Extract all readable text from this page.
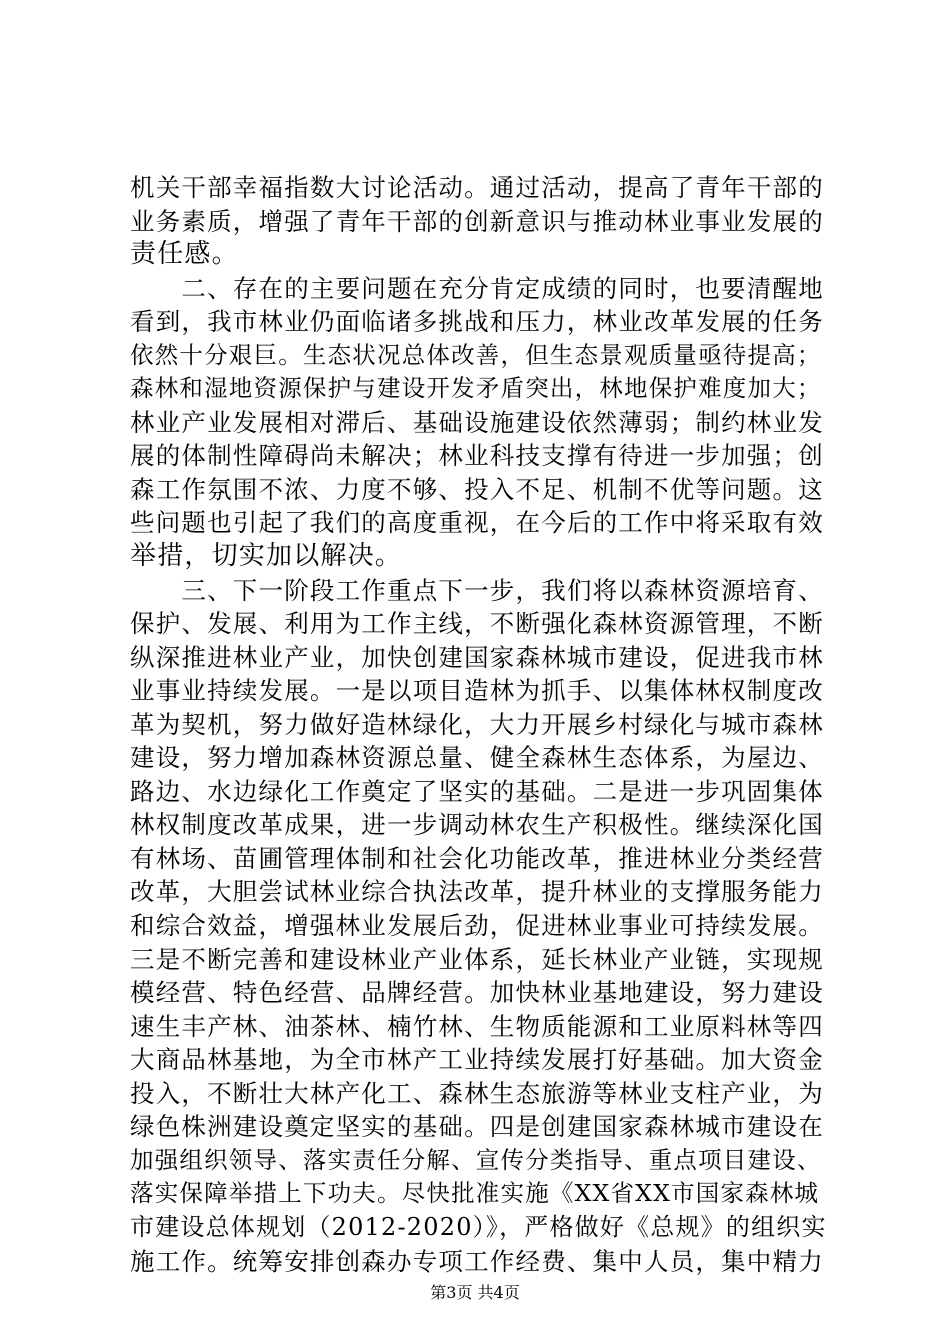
机关干部幸福指数大讨论活动。通过活动，提高了青年干部的
业务素质，增强了青年干部的创新意识与推动林业事业发展的
责任感。
　　二、存在的主要问题在充分肯定成绩的同时，也要清醒地
看到，我市林业仍面临诸多挑战和压力，林业改革发展的任务
依然十分艰巨。生态状况总体改善，但生态景观质量亟待提高；
森林和湿地资源保护与建设开发矛盾突出，林地保护难度加大；
林业产业发展相对滞后、基础设施建设依然薄弱；制约林业发
展的体制性障碍尚未解决；林业科技支撑有待进一步加强；创
森工作氛围不浓、力度不够、投入不足、机制不优等问题。这
些问题也引起了我们的高度重视，在今后的工作中将采取有效
举措，切实加以解决。
　　三、下一阶段工作重点下一步，我们将以森林资源培育、
保护、发展、利用为工作主线，不断强化森林资源管理，不断
纵深推进林业产业，加快创建国家森林城市建设，促进我市林
业事业持续发展。一是以项目造林为抓手、以集体林权制度改
革为契机，努力做好造林绿化，大力开展乡村绿化与城市森林
建设，努力增加森林资源总量、健全森林生态体系，为屋边、
路边、水边绿化工作奠定了坚实的基础。二是进一步巩固集体
林权制度改革成果，进一步调动林农生产积极性。继续深化国
有林场、苗圃管理体制和社会化功能改革，推进林业分类经营
改革，大胆尝试林业综合执法改革，提升林业的支撑服务能力
和综合效益，增强林业发展后劲，促进林业事业可持续发展。
三是不断完善和建设林业产业体系，延长林业产业链，实现规
模经营、特色经营、品牌经营。加快林业基地建设，努力建设
速生丰产林、油茶林、楠竹林、生物质能源和工业原料林等四
大商品林基地，为全市林产工业持续发展打好基础。加大资金
投入，不断壮大林产化工、森林生态旅游等林业支柱产业，为
绿色株洲建设奠定坚实的基础。四是创建国家森林城市建设在
加强组织领导、落实责任分解、宣传分类指导、重点项目建设、
落实保障举措上下功夫。尽快批准实施《XX省XX市国家森林城
市建设总体规划（2012-2020）》，严格做好《总规》的组织实
施工作。统筹安排创森办专项工作经费、集中人员，集中精力
第3页 共4页
